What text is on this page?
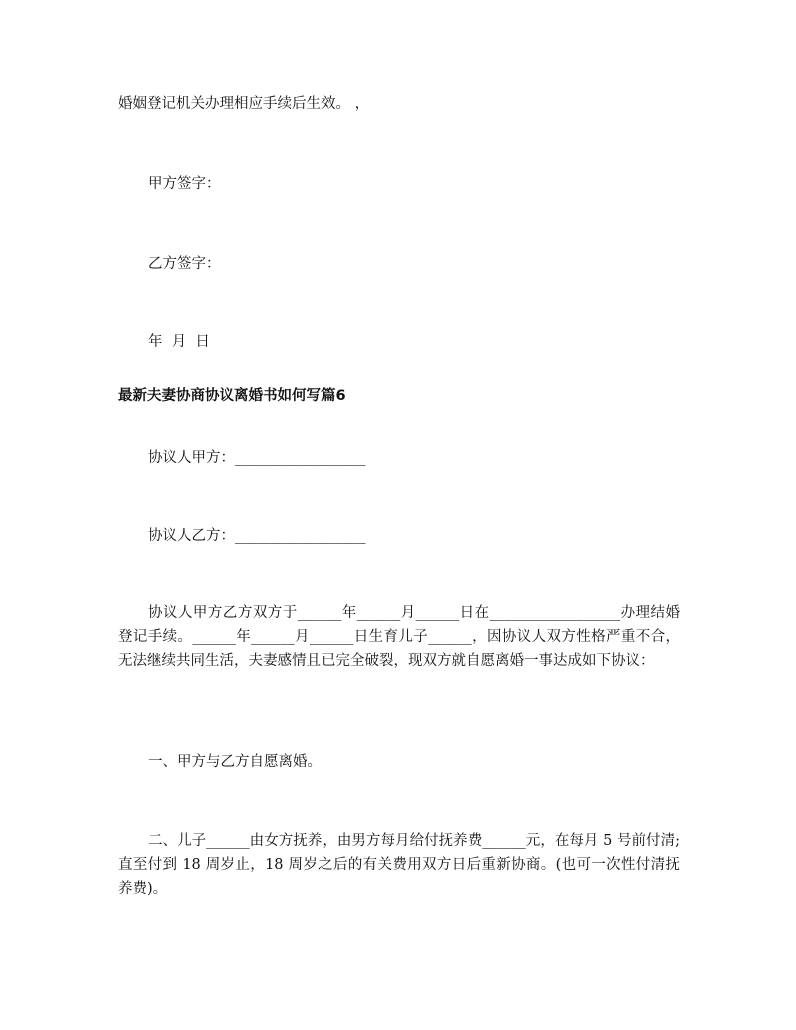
婚姻登记机关办理相应手续后生效。 ，

甲方签字：

乙方签字：

年  月  日

最新夫妻协商协议离婚书如何写篇6

协议人甲方：__________________

协议人乙方：__________________

协议人甲方乙方双方于______年______月______日在__________________办理结婚登记手续。______年______月______日生育儿子______，因协议人双方性格严重不合，无法继续共同生活，夫妻感情且已完全破裂，现双方就自愿离婚一事达成如下协议：

一、甲方与乙方自愿离婚。

二、儿子______由女方抚养，由男方每月给付抚养费______元，在每月 5 号前付清;直至付到 18 周岁止，18 周岁之后的有关费用双方日后重新协商。(也可一次性付清抚养费)。
